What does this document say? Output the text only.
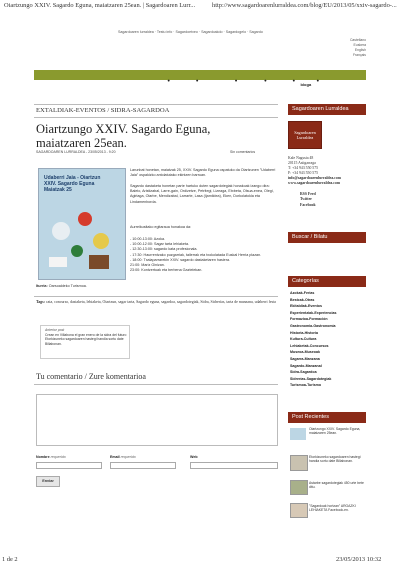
Oiartzungo XXIV. Sagardo Eguna, maiatzaren 25ean. | Sagardoaren Lurr...	http://www.sagardoarenlurraldea.com/blog/EU/2013/05/xxiv-sagardo-...
Sagardoaren lurraldea · Testu info · Sagardoetxeo · Sagardoakdo · Sagardogelo · Sagardo
Castellano
Euskera
English
Français
sagardoaren lurraldea · zer egin · non bazkaldu · zer ikusi · museoa · bloga · non garo
EXTALDIAK-EVENTOS / SIDRA-SAGARDOA
Oiartzungo XXIV. Sagardo Eguna,
maiatzaren 25ean.
SAGARDOAREN LURRALDEA - 23/05/2013 - 9:20	Sin comentarios
Udaberri Jaia - Oiartzun
XXIV. Sagardo Eguna
Maiatzak 25
Larunbat honetan, maiatzak 25, XXIV. Sagardo Eguna ospatuko da Oiartzunen "Udaberri Jaia" ospakizko antolatutako ekintzen barruan.
Sagardo dastaketa honetan parte hartuko duten sagardotegiak honakoak izango dira: Baleio, Aristizabal, Larre-gain, Ordizetze, Petritegi, Lizeaga, Etxbeta, Olsua-enea, Olegi, Agiriaga, Olarbe, Mendizabal, Larrarte, Lasa (Ijamildea), Eken, Dorkolatokla eta Lindamenborda.
Aurreikusitako egitaraua honakoa da:
- 10:00-13:00: Azoka.
- 10:00-12:00: Sagar tarta lehiaketa.
- 12:30-13:00: sagardo kata profesionala.
- 17:30: Haurrentzako puzgarriak, tailerrak eta txokolatada Euskal Herria plazan.
- 18:00: Txalaparrarekin XXIV. sagardo dastaketaren hasiera.
21:00: Mariz Ginizan.
23:00: Kontzertuak eta berbena Gaztelekan.
Iturria: Oarsoaldeko Turismoa.
Tags: cata, concurso, dastaketa, lehiaketa, Oiartzun, sagar tarta, Sagardo eguna, sagardoa, sagardotegiak, Sidra, Sidrerías, tarta de manzana, udaberri festa
Anterior post
Crean en Villabona el gran enero de la sidra del futuro Etorkizuneko sagardoaren hastegi handia sortu date Billabonan.
Tu comentario / Zure komentarioa
Nombre requerido	Email requerido	Web
Enviar
Sagardoaren Lurraldea
Sagardoaren
Lurraldea
Kale Nagusia 48
20115 Astigarraga
T: +34 943 550 575
F: +34 943 550 575
info@sagardoarenlurraldea.com
www.sagardoarenlurraldea.com
RSS Feed
Twitter
Facebook
Buscar / Bilatu
Categorías
Azokak-Ferias
Bestcak-Otras
Ekitaldiak-Eventos
Esperientziak-Experiencias
Formazioa-Formación
Gastronomia-Gastronomía
Historia-Historia
Kultura-Cultura
Lehiaketak-Concursos
Museoa-Museoak
Sagarra-Manzana
Sagardo-Manzanal
Sidra-Sagardoa
Sidrerías-Sagardotegiak
Turismoa-Turismo
Post Recientes
Oiartzungo XXIV. Sagardo Eguna, maiatzaren 25ean.
Etorkizuneko sagardoaren hastegi handia sortu date Billabonan.
Astarbe sagardotegiak 450 urte bete ditu.
"Sagardoak hortzan" ARGAZKI LEHIAKETA Facebook-en.
1 de 2	23/05/2013 10:32
